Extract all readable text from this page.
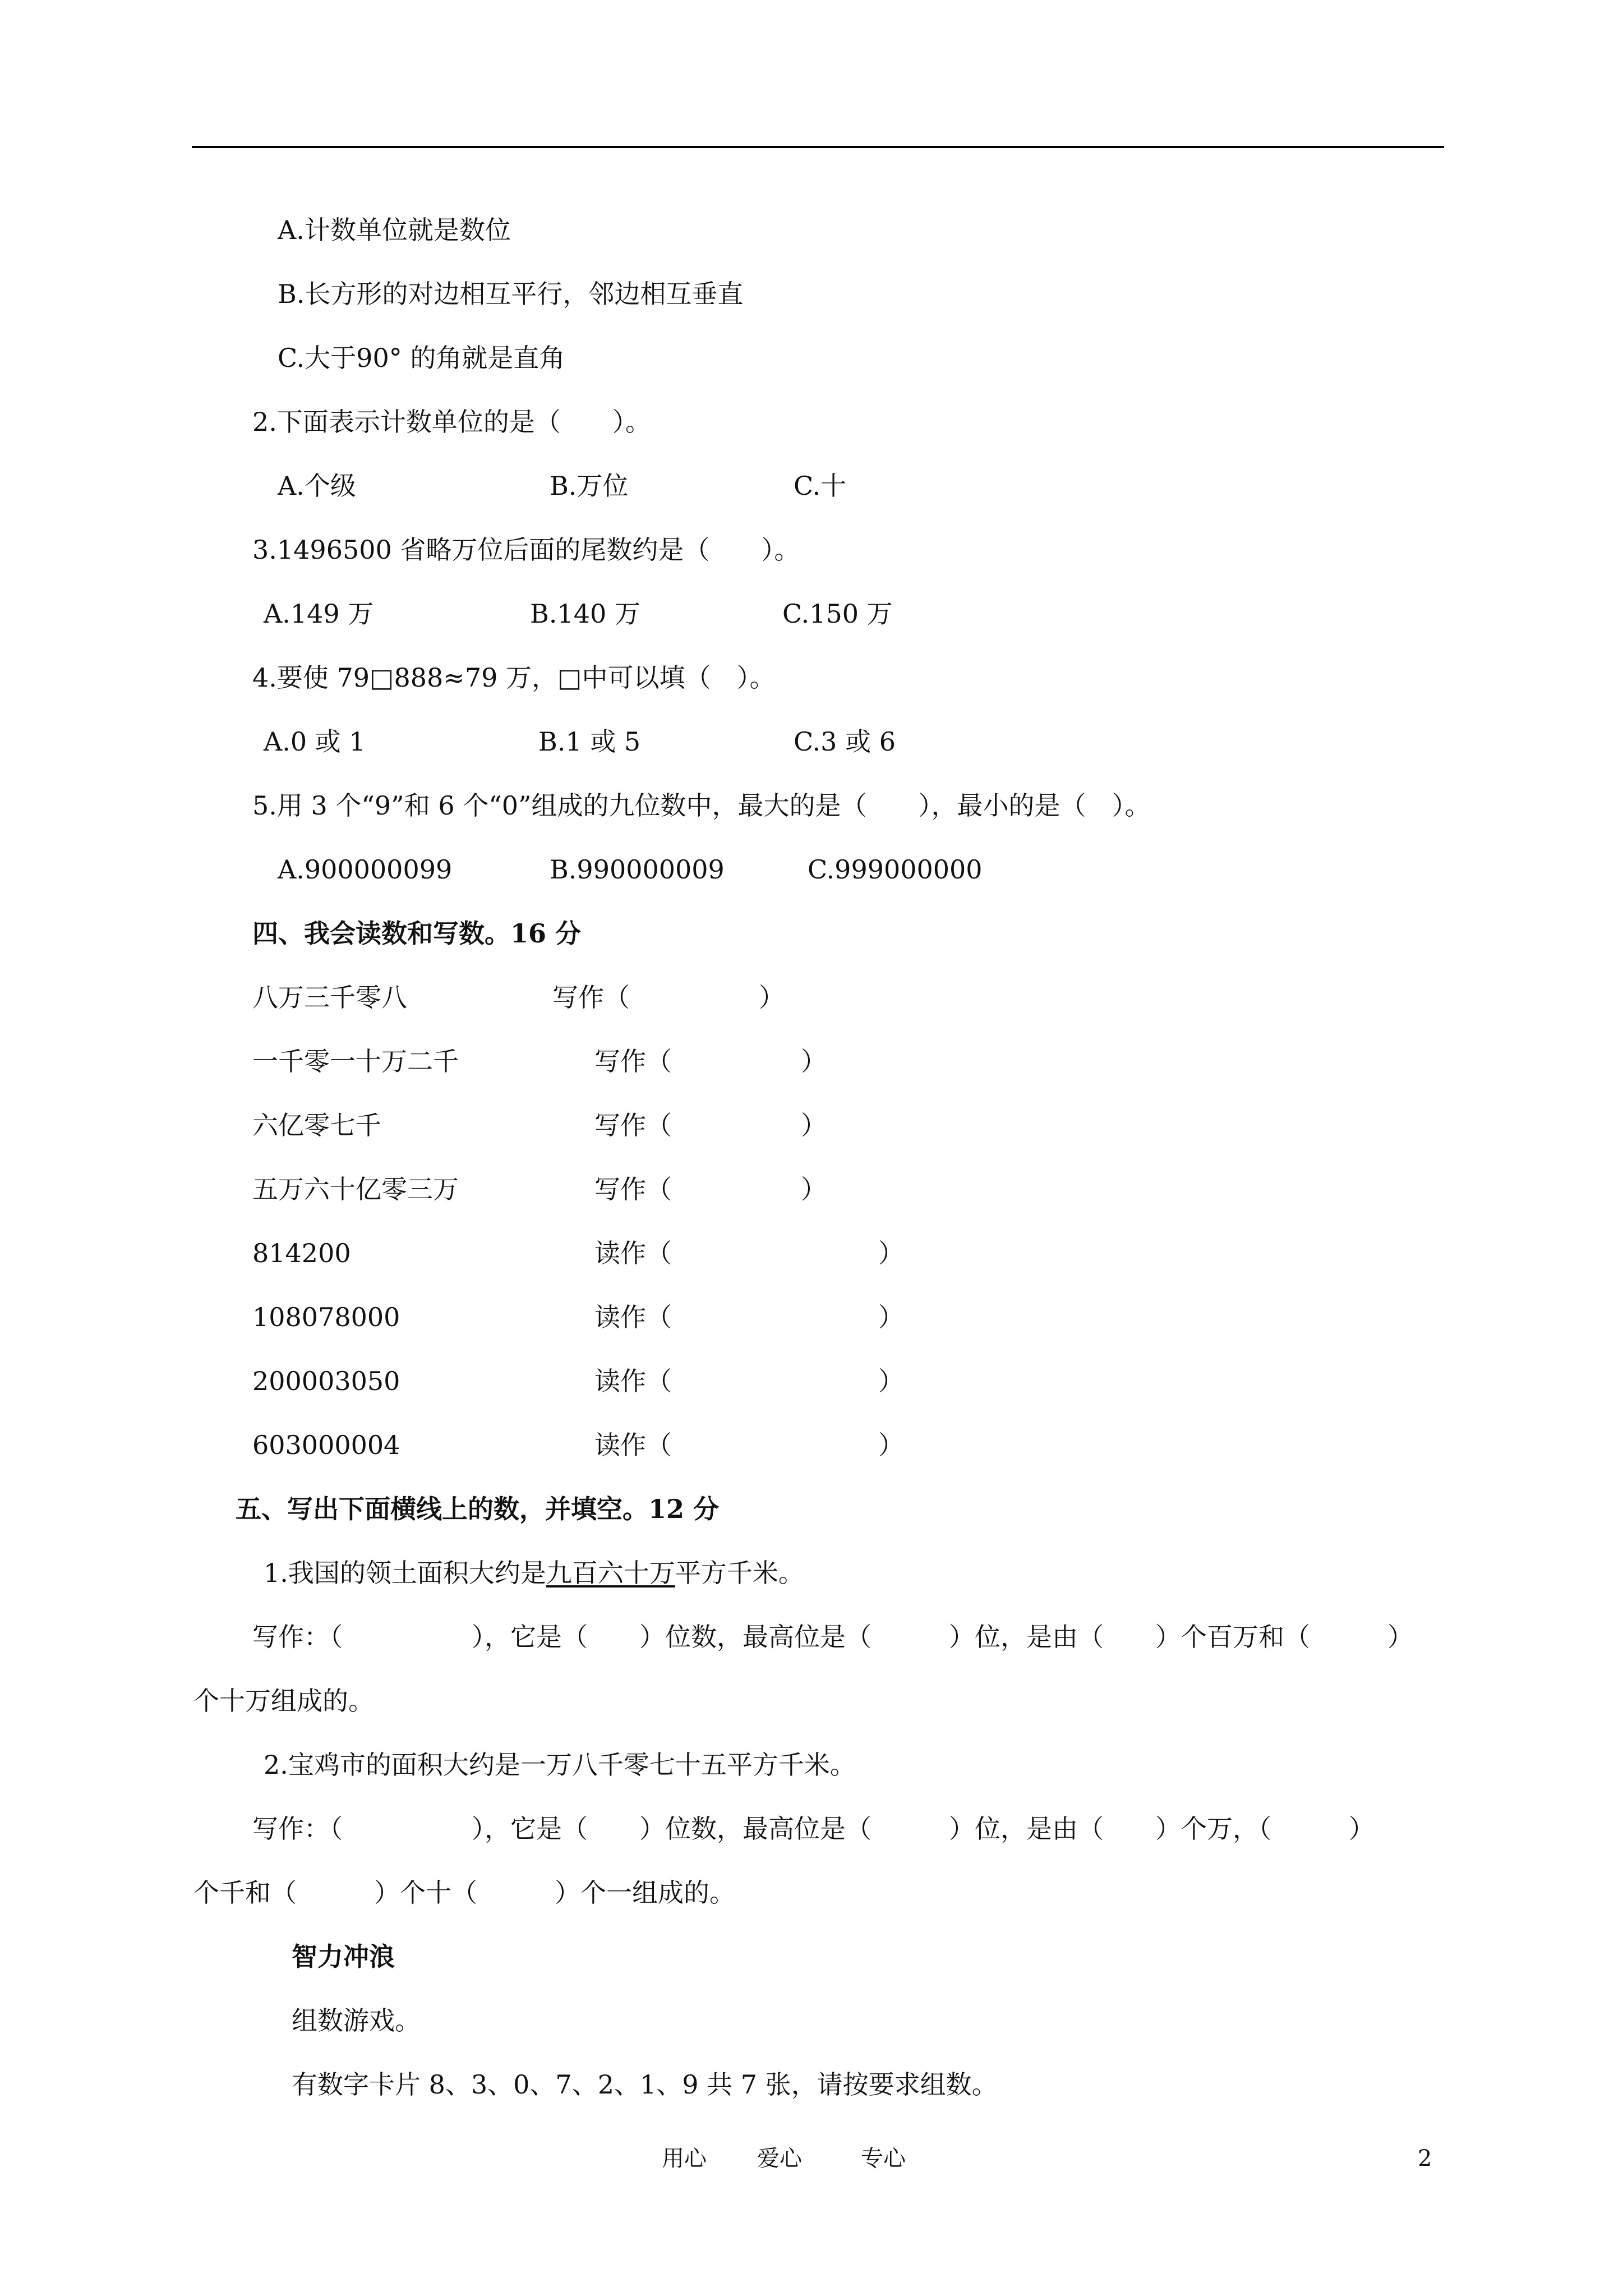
A.计数单位就是数位
B.长方形的对边相互平行，邻边相互垂直
C.大于90° 的角就是直角
2.下面表示计数单位的是（　　）。
A.个级	B.万位	C.十
3.1496500 省略万位后面的尾数约是（　　）。
A.149 万	B.140 万	C.150 万
4.要使 79□888≈79 万，□中可以填（　）。
A.0 或 1	B.1 或 5	C.3 或 6
5.用 3 个“9”和 6 个“0”组成的九位数中，最大的是（　　），最小的是（　）。
A.900000099	B.990000009	C.999000000
四、我会读数和写数。16 分
八万三千零八	写作（　　　　　）
一千零一十万二千	写作（　　　　　）
六亿零七千	写作（　　　　　）
五万六十亿零三万	写作（　　　　　）
814200	读作（　　　　　　　　）
108078000	读作（　　　　　　　　）
200003050	读作（　　　　　　　　）
603000004	读作（　　　　　　　　）
五、写出下面横线上的数，并填空。12 分
1.我国的领土面积大约是九百六十万平方千米。
写作：（　　　　　），它是（　　）位数，最高位是（　　　）位，是由（　　）个百万和（　　　）
个十万组成的。
2.宝鸡市的面积大约是一万八千零七十五平方千米。
写作：（　　　　　），它是（　　）位数，最高位是（　　　）位，是由（　　）个万，（　　　）
个千和（　　　）个十（　　　）个一组成的。
智力冲浪
组数游戏。
有数字卡片 8、3、0、7、2、1、9 共 7 张，请按要求组数。
用心 爱心	专心	2
